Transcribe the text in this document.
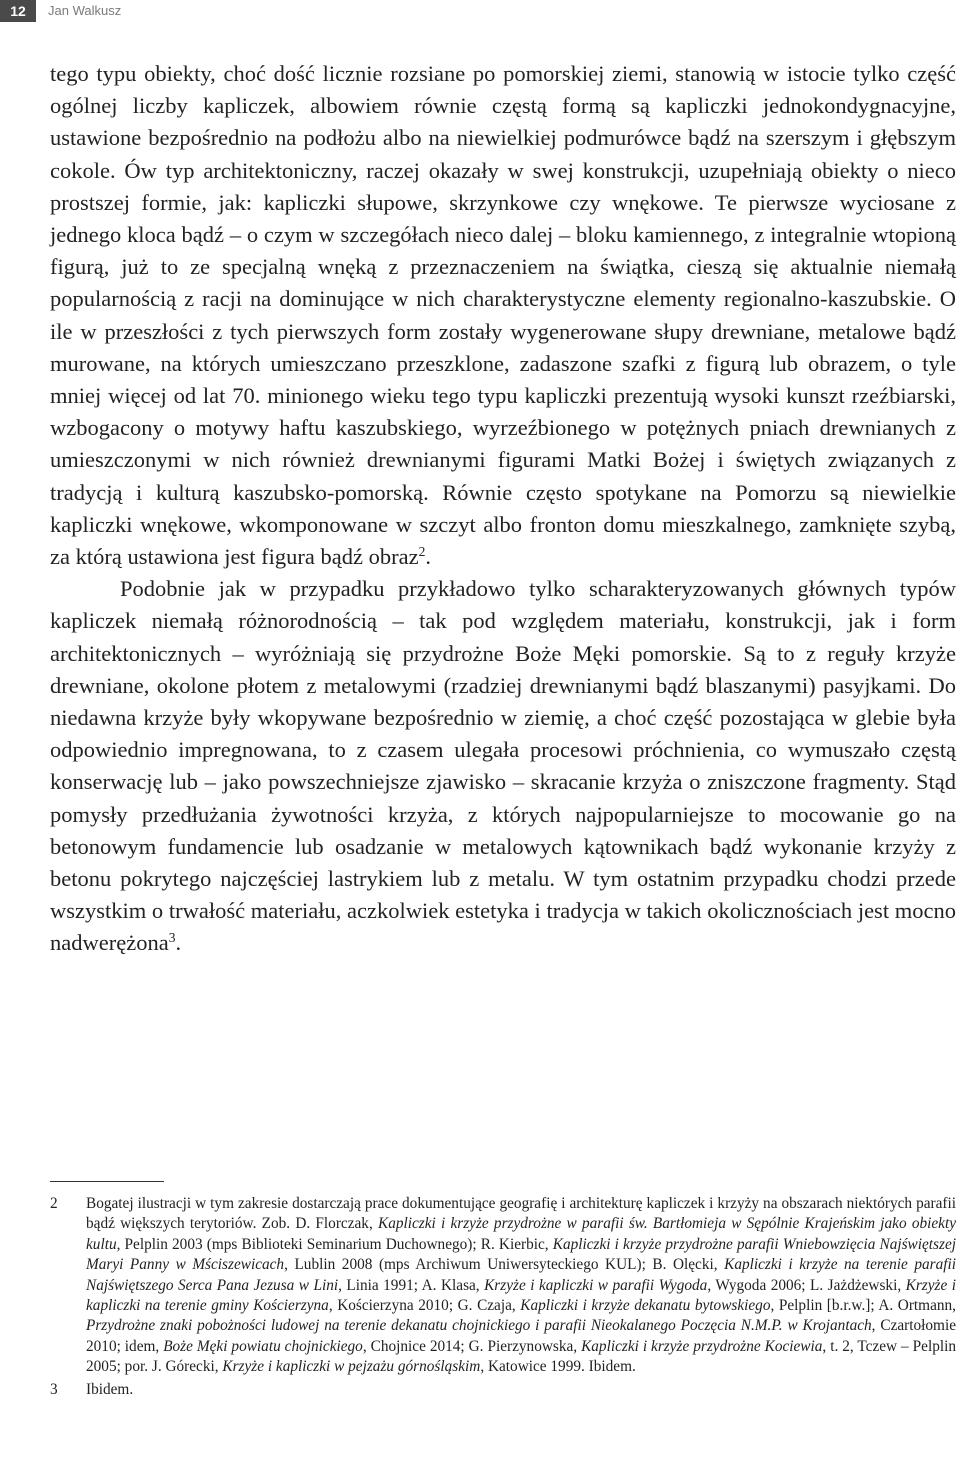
12	Jan Walkusz

tego typu obiekty, choć dość licznie rozsiane po pomorskiej ziemi, stanowią w istocie tylko część ogólnej liczby kapliczek, albowiem równie częstą formą są kapliczki jednokondygnacyjne, ustawione bezpośrednio na podłożu albo na niewielkiej podmurówce bądź na szerszym i głębszym cokole. Ów typ architektoniczny, raczej okazały w swej konstrukcji, uzupełniają obiekty o nieco prostszej formie, jak: kapliczki słupowe, skrzynkowe czy wnękowe. Te pierwsze wyciosane z jednego kloca bądź – o czym w szczegółach nieco dalej – bloku kamiennego, z integralnie wtopioną figurą, już to ze specjalną wnęką z przeznaczeniem na świątka, cieszą się aktualnie niemałą popularnością z racji na dominujące w nich charakterystyczne elementy regionalno-kaszubskie. O ile w przeszłości z tych pierwszych form zostały wygenerowane słupy drewniane, metalowe bądź murowane, na których umieszczano przeszklone, zadaszone szafki z figurą lub obrazem, o tyle mniej więcej od lat 70. minionego wieku tego typu kapliczki prezentują wysoki kunszt rzeźbiarski, wzbogacony o motywy haftu kaszubskiego, wyrzeźbionego w potężnych pniach drewnianych z umieszczonymi w nich również drewnianymi figurami Matki Bożej i świętych związanych z tradycją i kulturą kaszubsko-pomorską. Równie często spotykane na Pomorzu są niewielkie kapliczki wnękowe, wkomponowane w szczyt albo fronton domu mieszkalnego, zamknięte szybą, za którą ustawiona jest figura bądź obraz$^2$.

Podobnie jak w przypadku przykładowo tylko scharakteryzowanych głównych typów kapliczek niemałą różnorodnością – tak pod względem materiału, konstrukcji, jak i form architektonicznych – wyróżniają się przydrożne Boże Męki pomorskie. Są to z reguły krzyże drewniane, okolone płotem z metalowymi (rzadziej drewnianymi bądź blaszanymi) pasyjkami. Do niedawna krzyże były wkopywane bezpośrednio w ziemię, a choć część pozostająca w glebie była odpowiednio impregnowana, to z czasem ulegała procesowi próchnienia, co wymuszało częstą konserwację lub – jako powszechniejsze zjawisko – skracanie krzyża o zniszczone fragmenty. Stąd pomysły przedłużania żywotności krzyża, z których najpopularniejsze to mocowanie go na betonowym fundamencie lub osadzanie w metalowych kątownikach bądź wykonanie krzyży z betonu pokrytego najczęściej lastrykiem lub z metalu. W tym ostatnim przypadku chodzi przede wszystkim o trwałość materiału, aczkolwiek estetyka i tradycja w takich okolicznościach jest mocno nadwerężona$^3$.

2	Bogatej ilustracji w tym zakresie dostarczają prace dokumentujące geografię i architekturę kapliczek i krzyży na obszarach niektórych parafii bądź większych terytoriów. Zob. D. Florczak, Kapliczki i krzyże przydrożne w parafii św. Bartłomieja w Sępólnie Krajeńskim jako obiekty kultu, Pelplin 2003 (mps Biblioteki Seminarium Duchownego); R. Kierbic, Kapliczki i krzyże przydrożne parafii Wniebowzięcia Najświętszej Maryi Panny w Mściszewicach, Lublin 2008 (mps Archiwum Uniwersyteckiego KUL); B. Olęcki, Kapliczki i krzyże na terenie parafii Najświętszego Serca Pana Jezusa w Lini, Linia 1991; A. Klasa, Krzyże i kapliczki w parafii Wygoda, Wygoda 2006; L. Jażdżewski, Krzyże i kapliczki na terenie gminy Kościerzyna, Kościerzyna 2010; G. Czaja, Kapliczki i krzyże dekanatu bytowskiego, Pelplin [b.r.w.]; A. Ortmann, Przydrożne znaki pobożności ludowej na terenie dekanatu chojnickiego i parafii Nieokalanego Poczęcia N.M.P. w Krojantach, Czartołomie 2010; idem, Boże Męki powiatu chojnickiego, Chojnice 2014; G. Pierzynowska, Kapliczki i krzyże przydrożne Kociewia, t. 2, Tczew – Pelplin 2005; por. J. Górecki, Krzyże i kapliczki w pejzażu górnośląskim, Katowice 1999. Ibidem.
3	Ibidem.
